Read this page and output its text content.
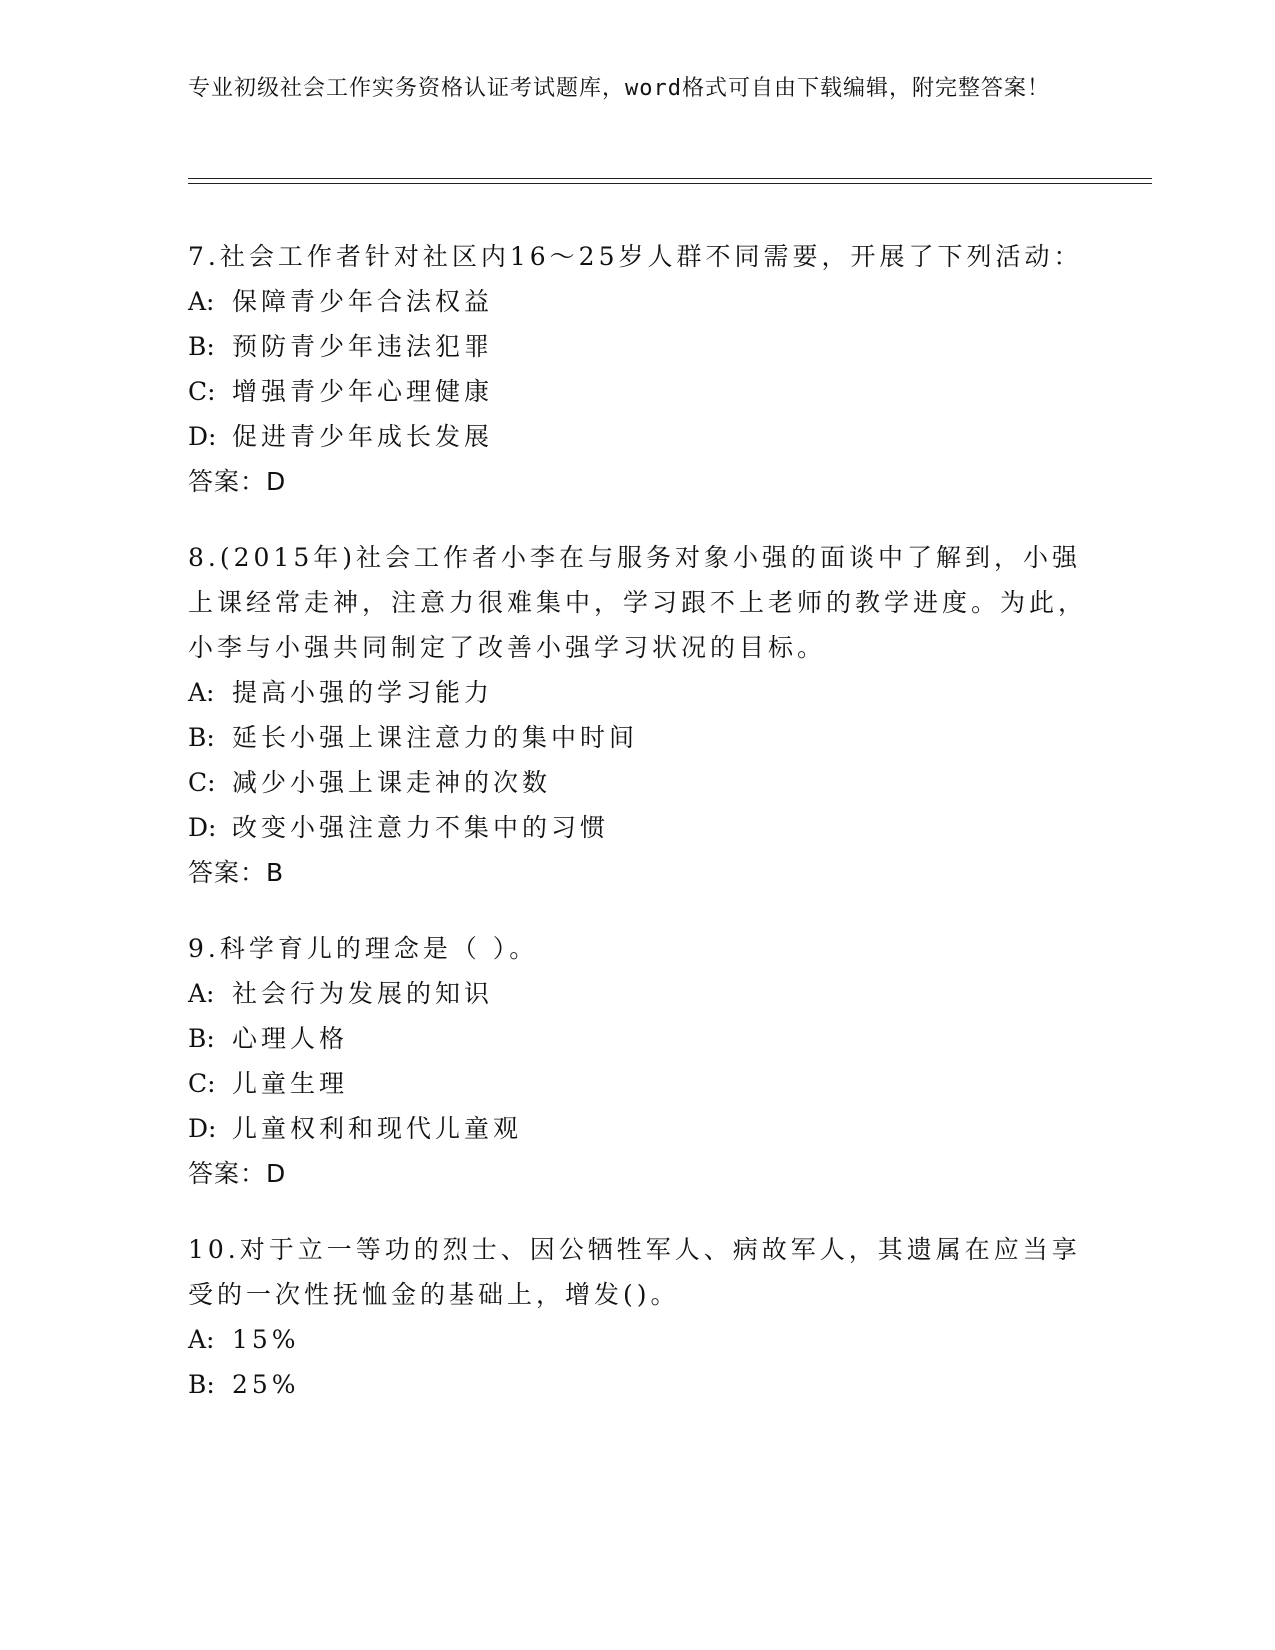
专业初级社会工作实务资格认证考试题库，word格式可自由下载编辑，附完整答案！

7.社会工作者针对社区内16～25岁人群不同需要，开展了下列活动：

A: 保障青少年合法权益

B: 预防青少年违法犯罪

C: 增强青少年心理健康

D: 促进青少年成长发展

答案：D

8.(2015年)社会工作者小李在与服务对象小强的面谈中了解到，小强上课经常走神，注意力很难集中，学习跟不上老师的教学进度。为此，小李与小强共同制定了改善小强学习状况的目标。

A: 提高小强的学习能力

B: 延长小强上课注意力的集中时间

C: 减少小强上课走神的次数

D: 改变小强注意力不集中的习惯

答案：B

9.科学育儿的理念是（ ）。

A: 社会行为发展的知识

B: 心理人格

C: 儿童生理

D: 儿童权利和现代儿童观

答案：D

10.对于立一等功的烈士、因公牺牲军人、病故军人，其遗属在应当享受的一次性抚恤金的基础上，增发()。

A: 15%

B: 25%
